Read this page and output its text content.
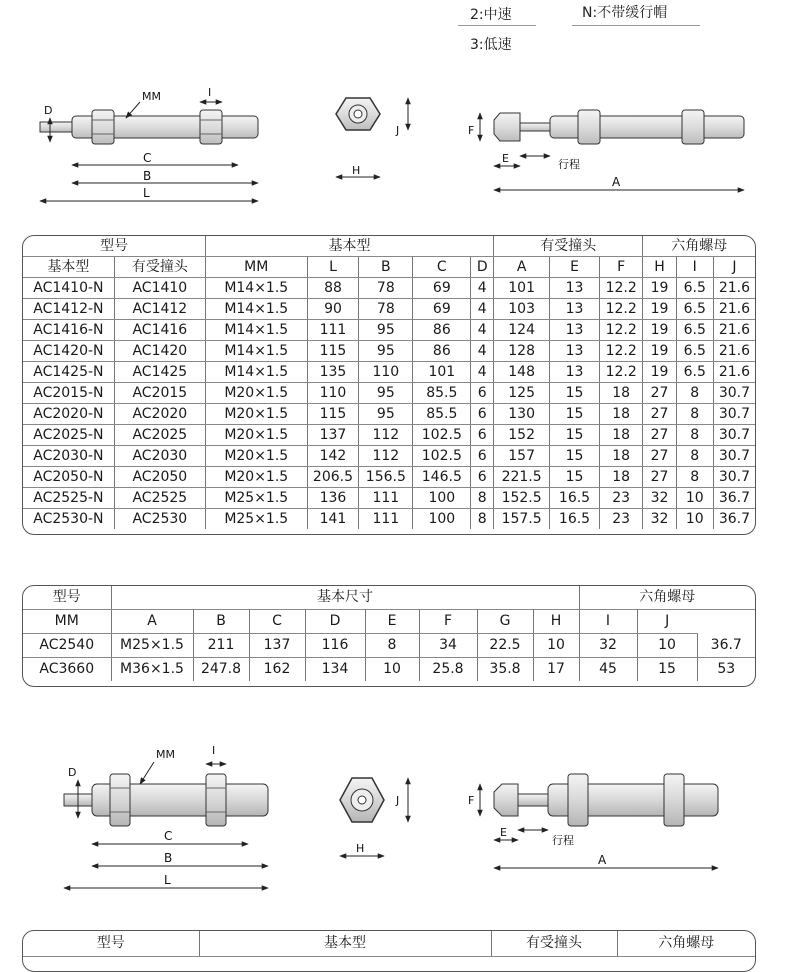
2:中速
3:低速
N:不带缓行帽
D
MM	I
C
B
L
J
H
F
E	行程
A
型号		基本型					有受撞头			六角螺母		
基本型	有受撞头	MM	L	B	C	D	A	E	F	H	I	J
AC1410-N	AC1410	M14×1.5	88	78	69	4	101	13	12.2	19	6.5	21.6
AC1412-N	AC1412	M14×1.5	90	78	69	4	103	13	12.2	19	6.5	21.6
AC1416-N	AC1416	M14×1.5	111	95	86	4	124	13	12.2	19	6.5	21.6
AC1420-N	AC1420	M14×1.5	115	95	86	4	128	13	12.2	19	6.5	21.6
AC1425-N	AC1425	M14×1.5	135	110	101	4	148	13	12.2	19	6.5	21.6
AC2015-N	AC2015	M20×1.5	110	95	85.5	6	125	15	18	27	8	30.7
AC2020-N	AC2020	M20×1.5	115	95	85.5	6	130	15	18	27	8	30.7
AC2025-N	AC2025	M20×1.5	137	112	102.5	6	152	15	18	27	8	30.7
AC2030-N	AC2030	M20×1.5	142	112	102.5	6	157	15	18	27	8	30.7
AC2050-N	AC2050	M20×1.5	206.5	156.5	146.5	6	221.5	15	18	27	8	30.7
AC2525-N	AC2525	M25×1.5	136	111	100	8	152.5	16.5	23	32	10	36.7
AC2530-N	AC2530	M25×1.5	141	111	100	8	157.5	16.5	23	32	10	36.7
型号	基本尺寸								六角螺母		
MM	A	B	C	D	E	F	G	H	I	J	
AC2540	M25×1.5	211	137	116	8	34	22.5	10	32	10	36.7
AC3660	M36×1.5	247.8	162	134	10	25.8	35.8	17	45	15	53
D
MM	I
C
B
L
J
H
F
E
行程
A
型号	基本型	有受撞头	六角螺母
